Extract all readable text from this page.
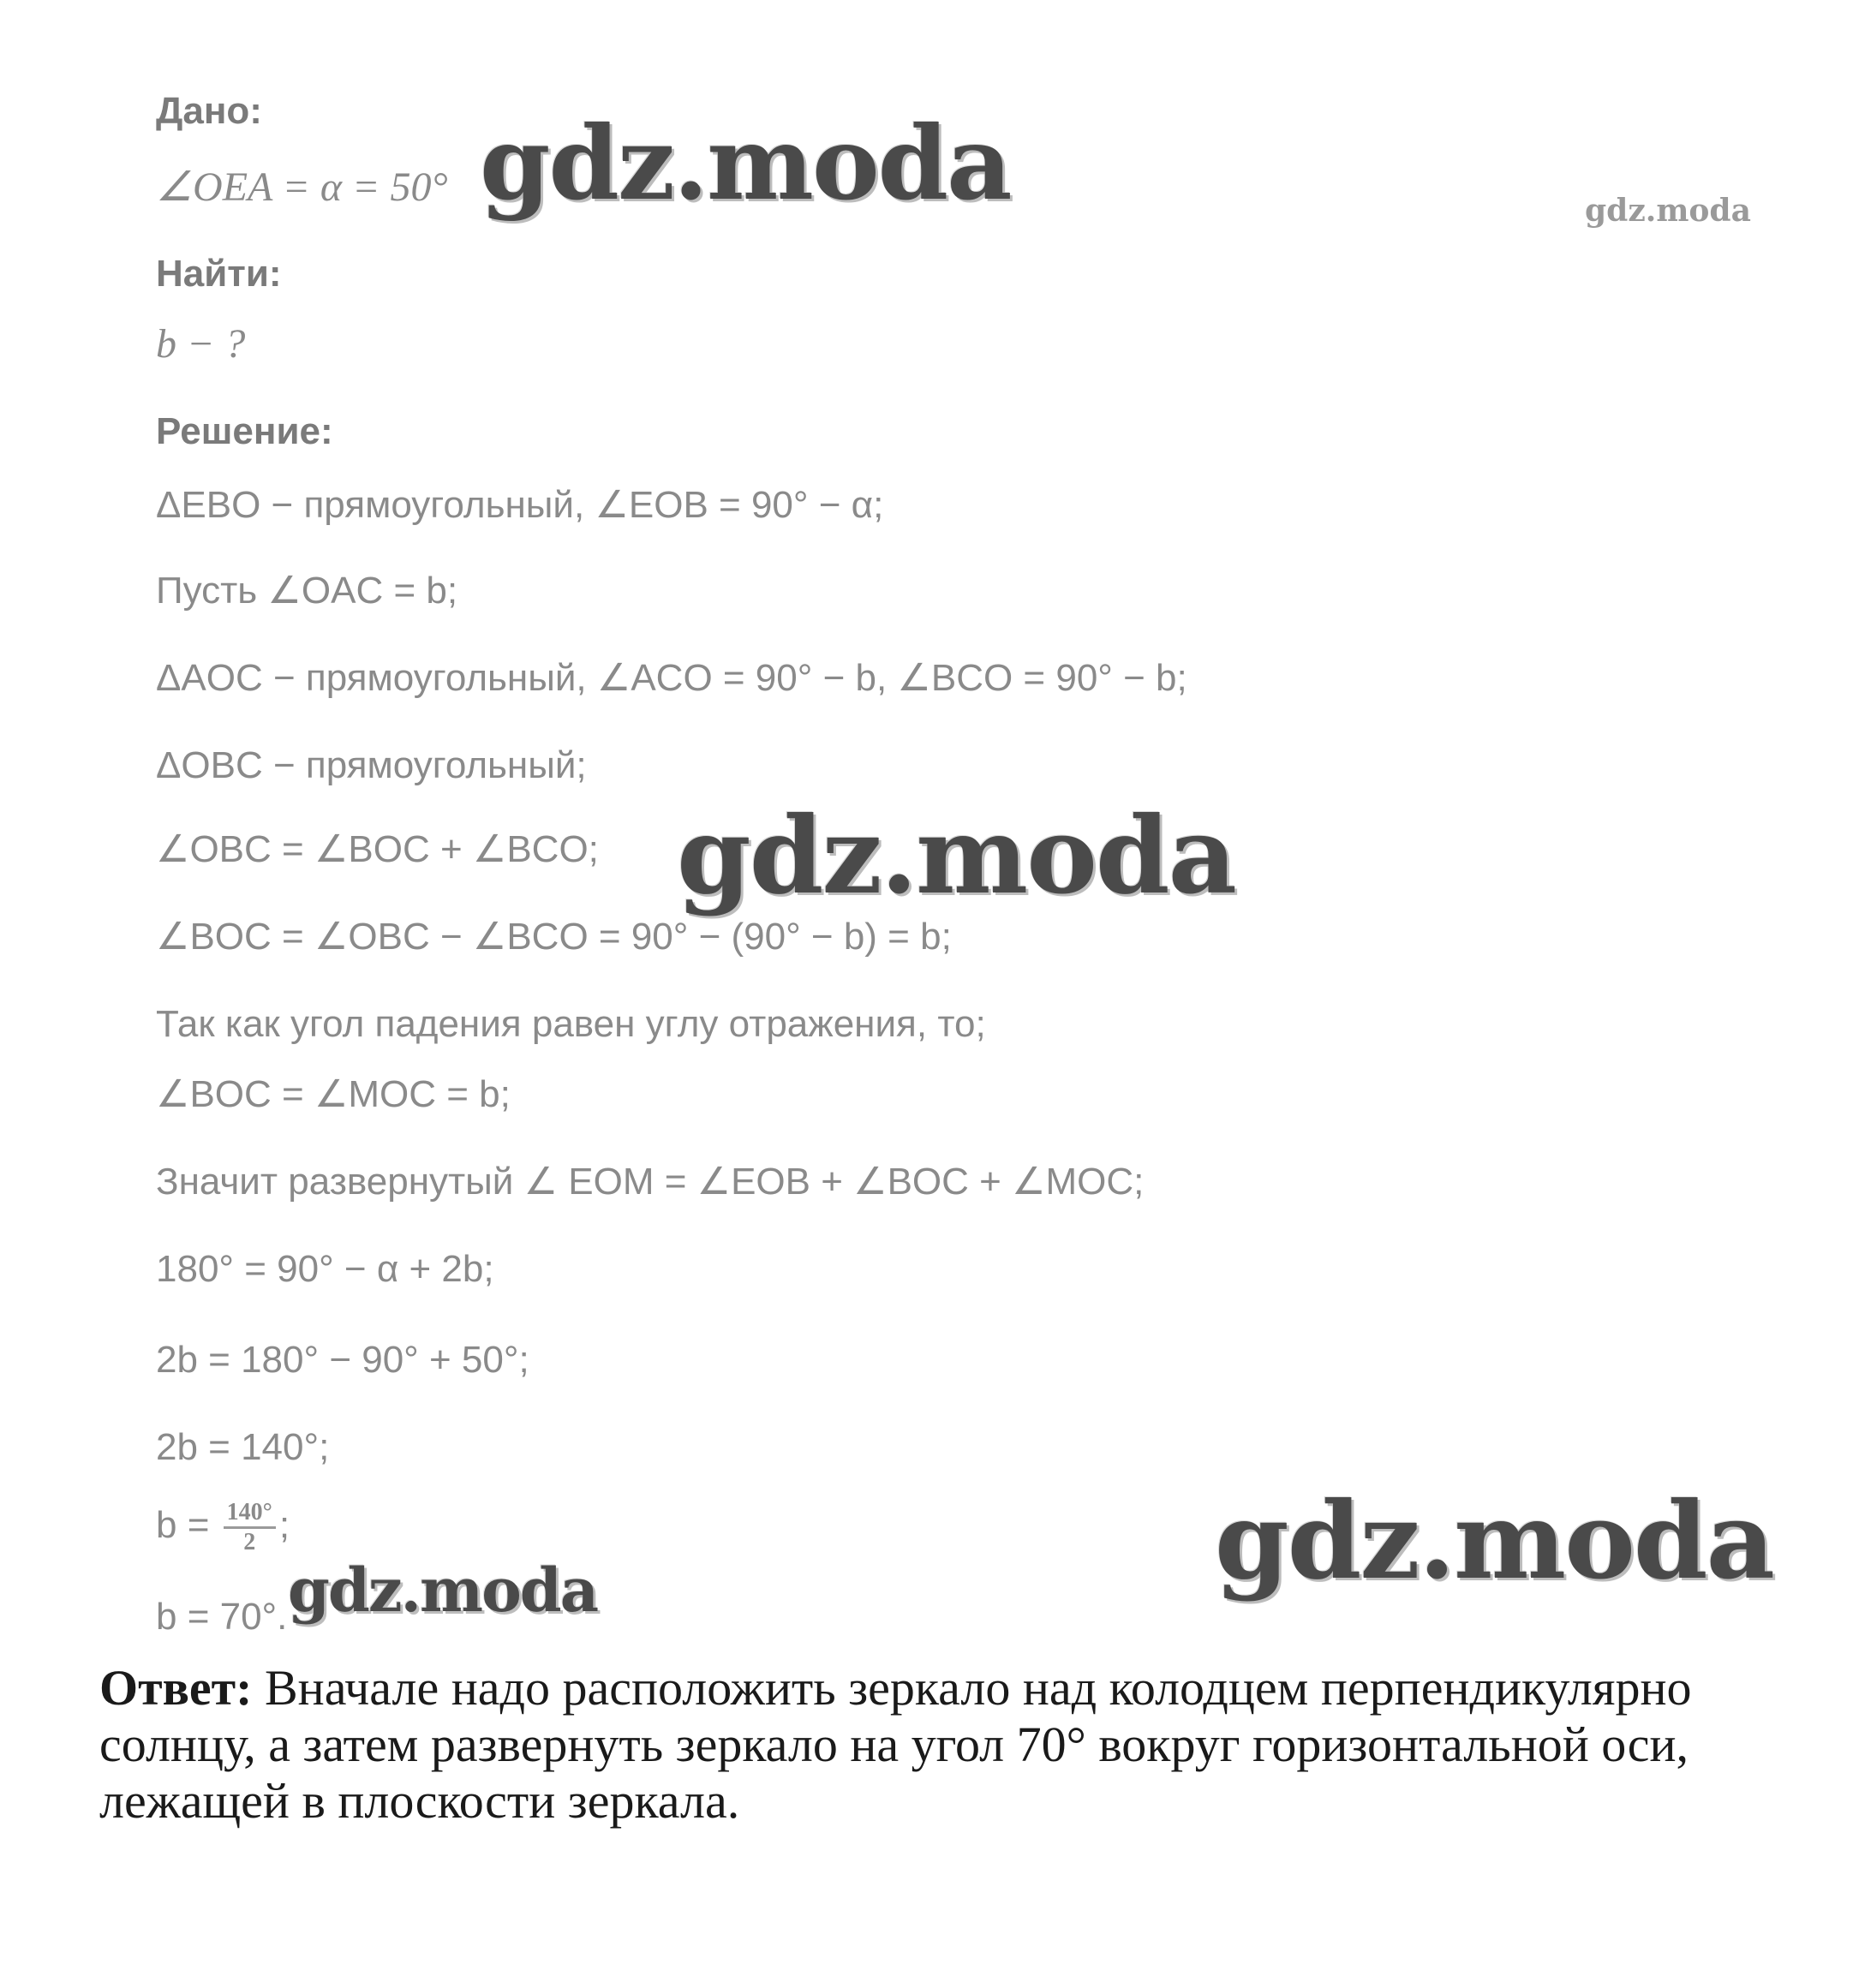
Дано:
∠OEA = α = 50°
Найти:
b − ?
Решение:
ΔEBO − прямоугольный, ∠EOB = 90° − α;
Пусть ∠OAC = b;
ΔAOC − прямоугольный, ∠ACO = 90° − b, ∠BCO = 90° − b;
ΔOBC − прямоугольный;
∠OBC = ∠BOC + ∠BCO;
∠BOC = ∠OBC − ∠BCO = 90° − (90° − b) = b;
Так как угол падения равен углу отражения, то;
∠BOC = ∠MOC = b;
Значит развернутый ∠ EOM = ∠EOB + ∠BOC + ∠MOC;
180° = 90° − α + 2b;
2b = 180° − 90° + 50°;
2b = 140°;
$b = \frac{140^\circ}{2}$ ;
b = 70°.
Ответ: Вначале надо расположить зеркало над колодцем перпендикулярно солнцу, а затем развернуть зеркало на угол 70° вокруг горизонтальной оси, лежащей в плоскости зеркала.
gdz.moda	gdz.moda
gdz.moda
gdz.moda
gdz.moda
